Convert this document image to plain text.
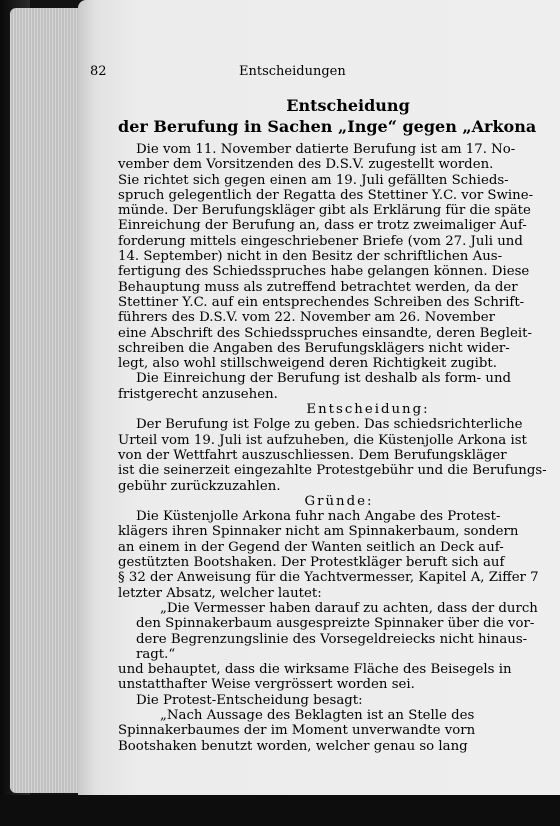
82	Entscheidungen

Entscheidung

der Berufung in Sachen „Inge“ gegen „Arkona

Die vom 11. November datierte Berufung ist am 17. No-
vember dem Vorsitzenden des D.S.V. zugestellt worden.
Sie richtet sich gegen einen am 19. Juli gefällten Schieds-
spruch gelegentlich der Regatta des Stettiner Y.C. vor Swine-
münde. Der Berufungskläger gibt als Erklärung für die späte
Einreichung der Berufung an, dass er trotz zweimaliger Auf-
forderung mittels eingeschriebener Briefe (vom 27. Juli und
14. September) nicht in den Besitz der schriftlichen Aus-
fertigung des Schiedsspruches habe gelangen können. Diese
Behauptung muss als zutreffend betrachtet werden, da der
Stettiner Y.C. auf ein entsprechendes Schreiben des Schrift-
führers des D.S.V. vom 22. November am 26. November
eine Abschrift des Schiedsspruches einsandte, deren Begleit-
schreiben die Angaben des Berufungsklägers nicht wider-
legt, also wohl stillschweigend deren Richtigkeit zugibt.
Die Einreichung der Berufung ist deshalb als form- und
fristgerecht anzusehen.

Entscheidung:

Der Berufung ist Folge zu geben. Das schiedsrichterliche
Urteil vom 19. Juli ist aufzuheben, die Küstenjolle Arkona ist
von der Wettfahrt auszuschliessen. Dem Berufungskläger
ist die seinerzeit eingezahlte Protestgebühr und die Berufungs-
gebühr zurückzuzahlen.

Gründe:

Die Küstenjolle Arkona fuhr nach Angabe des Protest-
klägers ihren Spinnaker nicht am Spinnakerbaum, sondern
an einem in der Gegend der Wanten seitlich an Deck auf-
gestützten Bootshaken. Der Protestkläger beruft sich auf
§ 32 der Anweisung für die Yachtvermesser, Kapitel A, Ziffer 7
letzter Absatz, welcher lautet:
„Die Vermesser haben darauf zu achten, dass der durch
den Spinnakerbaum ausgespreizte Spinnaker über die vor-
dere Begrenzungslinie des Vorsegeldreiecks nicht hinaus-
ragt.“
und behauptet, dass die wirksame Fläche des Beisegels in
unstatthafter Weise vergrössert worden sei.
Die Protest-Entscheidung besagt:
„Nach Aussage des Beklagten ist an Stelle des
Spinnakerbaumes der im Moment unverwandte vorn
Bootshaken benutzt worden, welcher genau so lang
